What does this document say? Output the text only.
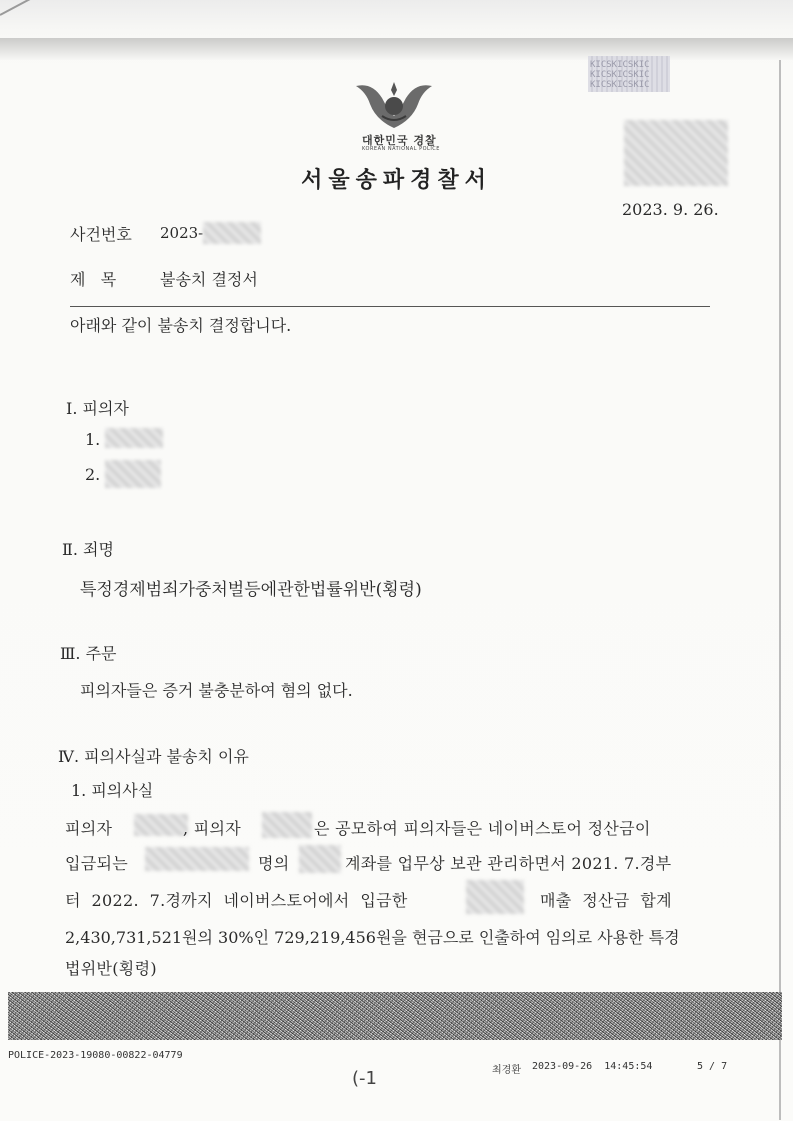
대한민국 경찰
KOREAN NATIONAL POLICE
서울송파경찰서
KICSKICSKIC
KICSKICSKIC
KICSKICSKIC
2023. 9. 26.
사건번호 2023-
제   목	불송치 결정서
아래와 같이 불송치 결정합니다.
Ⅰ. 피의자
1.
2.
Ⅱ. 죄명
특정경제범죄가중처벌등에관한법률위반(횡령)
Ⅲ. 주문
피의자들은 증거 불충분하여 혐의 없다.
Ⅳ. 피의사실과 불송치 이유
1. 피의사실
피의자	, 피의자	은 공모하여 피의자들은 네이버스토어 정산금이
입금되는	명의	계좌를 업무상 보관 관리하면서 2021. 7.경부
터  2022.  7.경까지  네이버스토어에서  입금한	매출  정산금  합계
2,430,731,521원의 30%인 729,219,456원을 현금으로 인출하여 임의로 사용한 특경
법위반(횡령)
POLICE-2023-19080-00822-04779
최경환 2023-09-26  14:45:54	5 / 7
(-1
